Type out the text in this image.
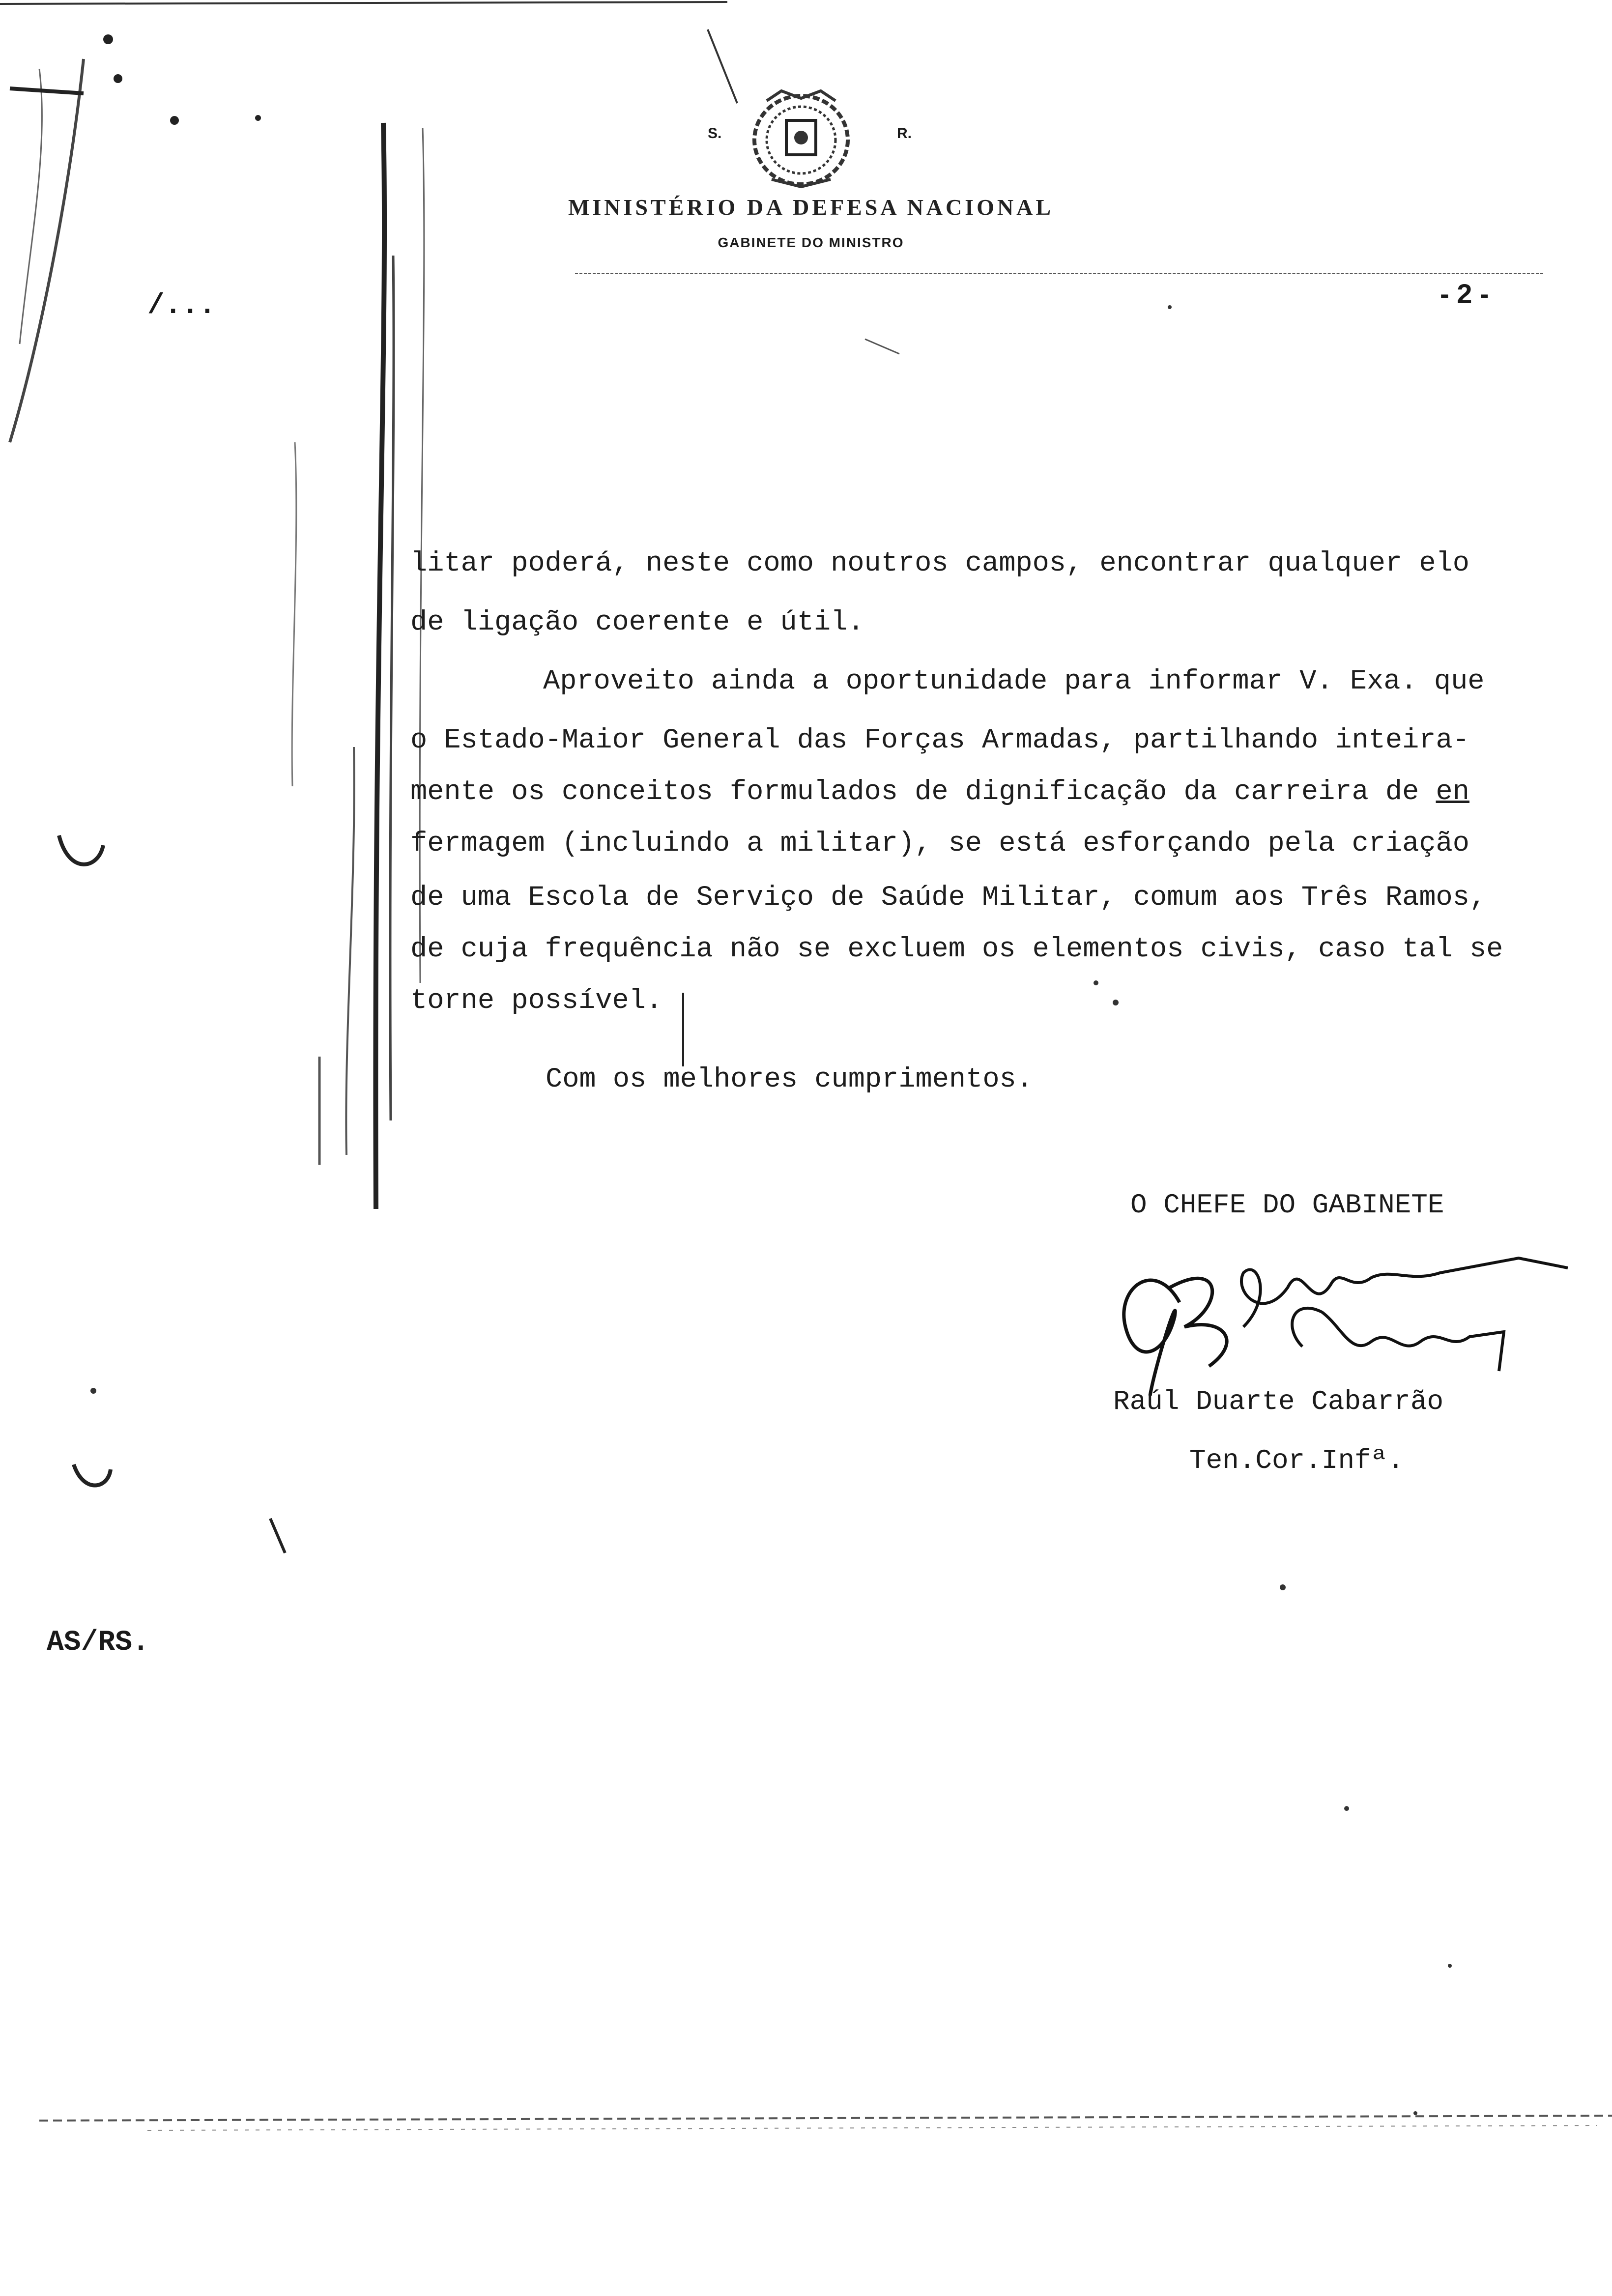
S.	R.
MINISTÉRIO DA DEFESA NACIONAL
GABINETE DO MINISTRO
- 2 -
/...
litar poderá, neste como noutros campos, encontrar qualquer elo
de ligação coerente e útil.
Aproveito ainda a oportunidade para informar V. Exa. que
o Estado-Maior General das Forças Armadas, partilhando inteira-
mente os conceitos formulados de dignificação da carreira de en
fermagem (incluindo a militar), se está esforçando pela criação
de uma Escola de Serviço de Saúde Militar, comum aos Três Ramos,
de cuja frequência não se excluem os elementos civis, caso tal se
torne possível.
Com os melhores cumprimentos.
O CHEFE DO GABINETE
Raúl Duarte Cabarrão
Ten.Cor.Infª.
AS/RS.
